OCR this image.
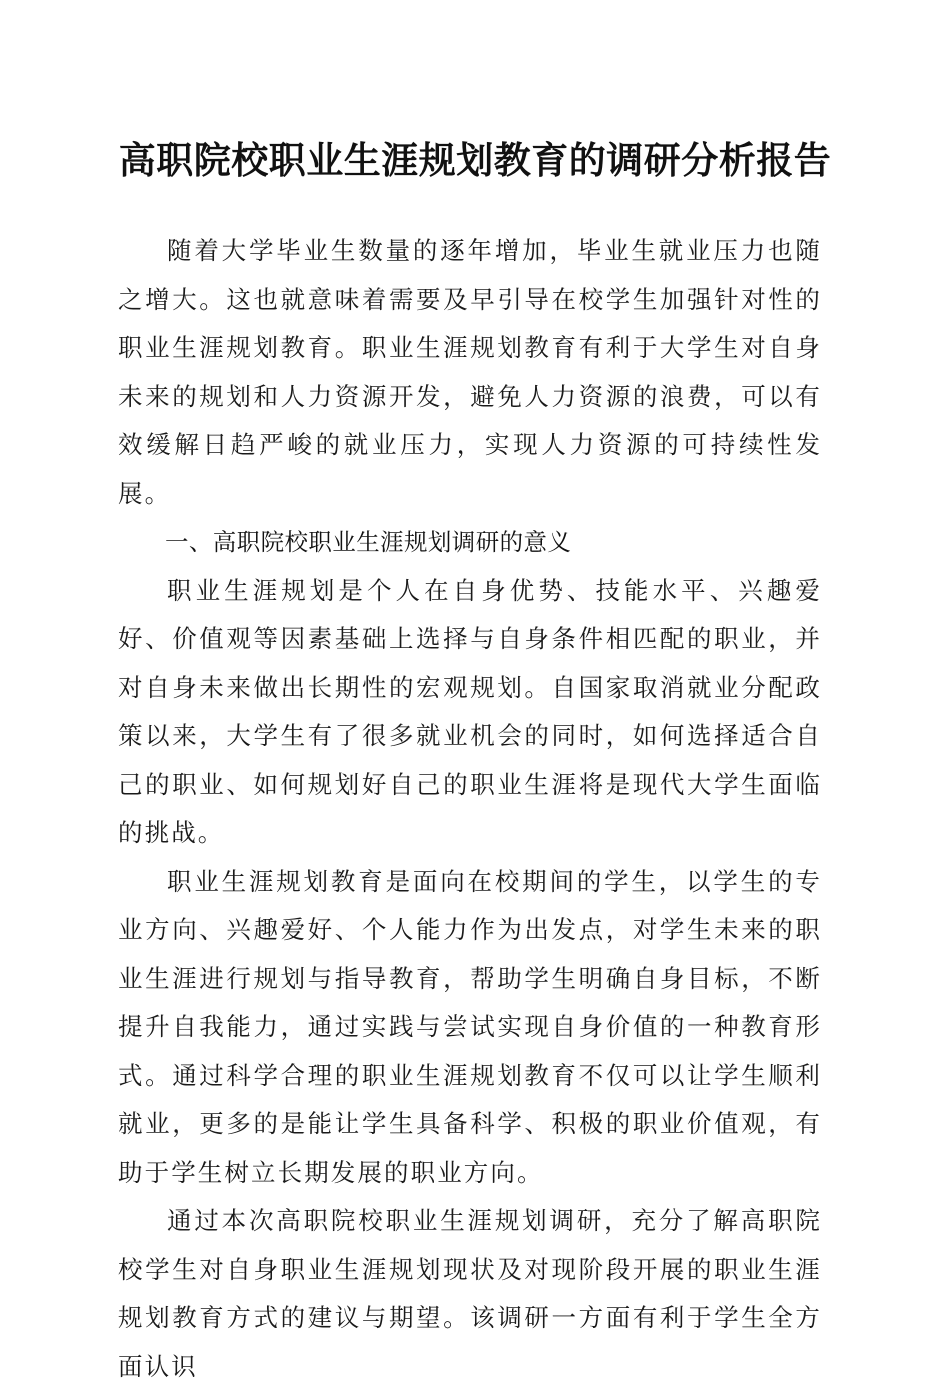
高职院校职业生涯规划教育的调研分析报告

随着大学毕业生数量的逐年增加，毕业生就业压力也随之增大。这也就意味着需要及早引导在校学生加强针对性的职业生涯规划教育。职业生涯规划教育有利于大学生对自身未来的规划和人力资源开发，避免人力资源的浪费，可以有效缓解日趋严峻的就业压力，实现人力资源的可持续性发展。

一、高职院校职业生涯规划调研的意义

职业生涯规划是个人在自身优势、技能水平、兴趣爱好、价值观等因素基础上选择与自身条件相匹配的职业，并对自身未来做出长期性的宏观规划。自国家取消就业分配政策以来，大学生有了很多就业机会的同时，如何选择适合自己的职业、如何规划好自己的职业生涯将是现代大学生面临的挑战。

职业生涯规划教育是面向在校期间的学生，以学生的专业方向、兴趣爱好、个人能力作为出发点，对学生未来的职业生涯进行规划与指导教育，帮助学生明确自身目标，不断提升自我能力，通过实践与尝试实现自身价值的一种教育形式。通过科学合理的职业生涯规划教育不仅可以让学生顺利就业，更多的是能让学生具备科学、积极的职业价值观，有助于学生树立长期发展的职业方向。

通过本次高职院校职业生涯规划调研，充分了解高职院校学生对自身职业生涯规划现状及对现阶段开展的职业生涯规划教育方式的建议与期望。该调研一方面有利于学生全方面认识
